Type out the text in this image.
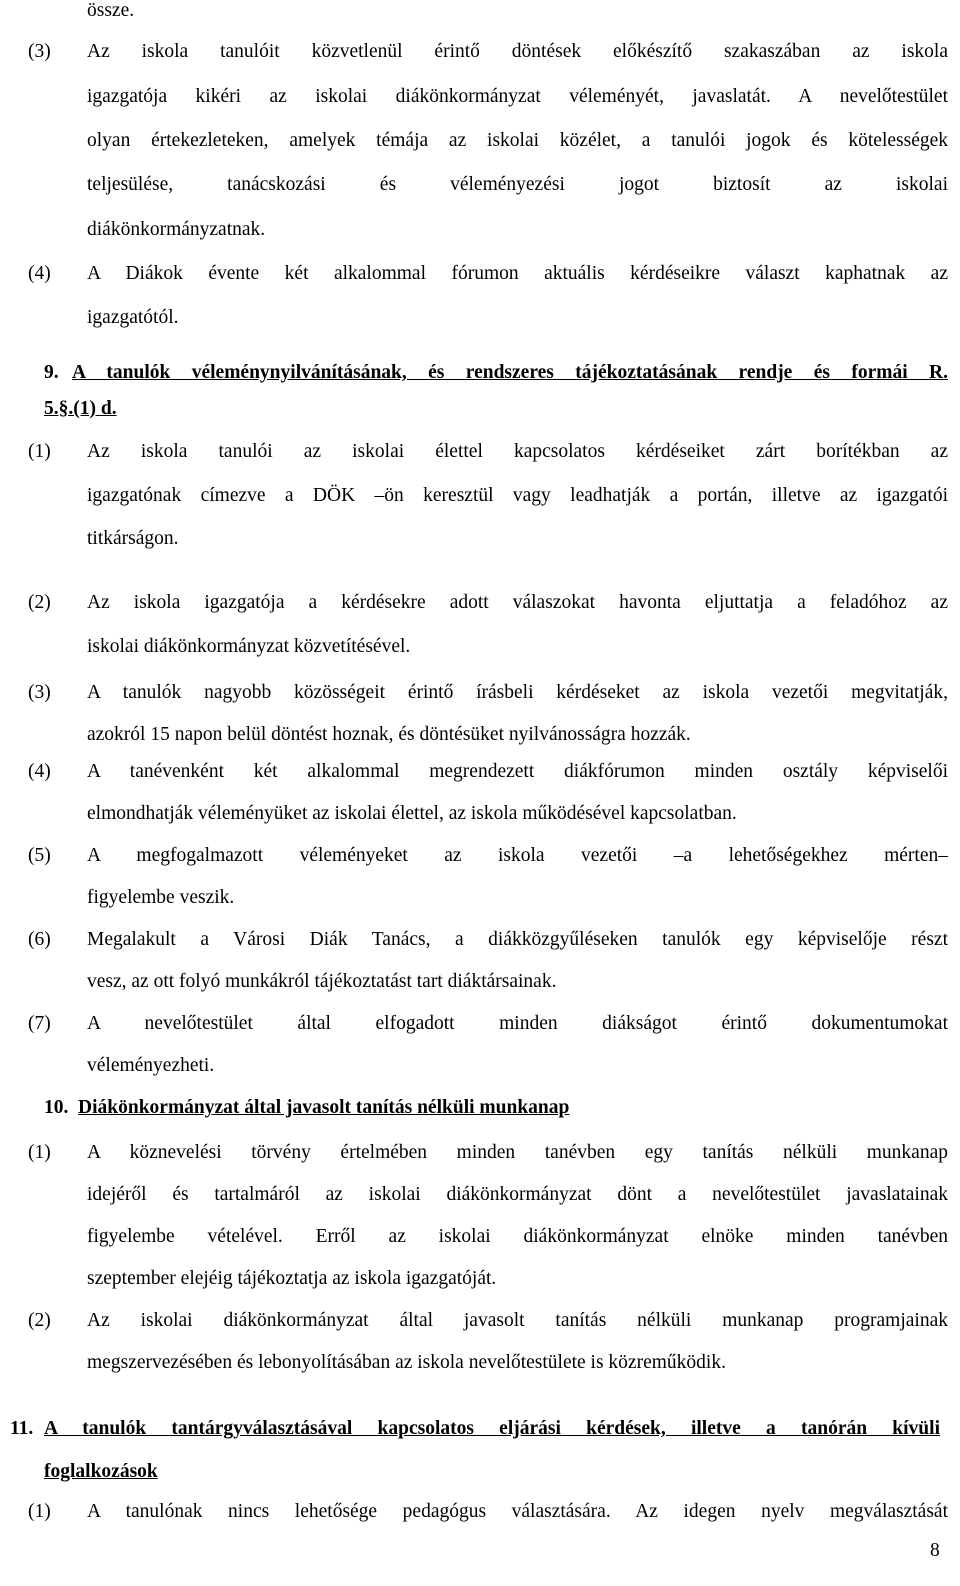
össze.
(3) Az iskola tanulóit közvetlenül érintő döntések előkészítő szakaszában az iskola
igazgatója kikéri az iskolai diákönkormányzat véleményét, javaslatát. A nevelőtestület
olyan értekezleteken, amelyek témája az iskolai közélet, a tanulói jogok és kötelességek
teljesülése, tanácskozási és véleményezési jogot biztosít az iskolai
diákönkormányzatnak.
(4) A Diákok évente két alkalommal fórumon aktuális kérdéseikre választ kaphatnak az
igazgatótól.
9. A tanulók véleménynyilvánításának, és rendszeres tájékoztatásának rendje és formái R.
5.§.(1) d.
(1) Az iskola tanulói az iskolai élettel kapcsolatos kérdéseiket zárt borítékban az
igazgatónak címezve a DÖK –ön keresztül vagy leadhatják a portán, illetve az igazgatói
titkárságon.
(2) Az iskola igazgatója a kérdésekre adott válaszokat havonta eljuttatja a feladóhoz az
iskolai diákönkormányzat közvetítésével.
(3) A tanulók nagyobb közösségeit érintő írásbeli kérdéseket az iskola vezetői megvitatják,
azokról 15 napon belül döntést hoznak, és döntésüket nyilvánosságra hozzák.
(4) A tanévenként két alkalommal megrendezett diákfórumon minden osztály képviselői
elmondhatják véleményüket az iskolai élettel, az iskola működésével kapcsolatban.
(5) A megfogalmazott véleményeket az iskola vezetői –a lehetőségekhez mérten–
figyelembe veszik.
(6) Megalakult a Városi Diák Tanács, a diákközgyűléseken tanulók egy képviselője részt
vesz, az ott folyó munkákról tájékoztatást tart diáktársainak.
(7) A nevelőtestület által elfogadott minden diákságot érintő dokumentumokat
véleményezheti.
10. Diákönkormányzat által javasolt tanítás nélküli munkanap
(1) A köznevelési törvény értelmében minden tanévben egy tanítás nélküli munkanap
idejéről és tartalmáról az iskolai diákönkormányzat dönt a nevelőtestület javaslatainak
figyelembe vételével. Erről az iskolai diákönkormányzat elnöke minden tanévben
szeptember elejéig tájékoztatja az iskola igazgatóját.
(2) Az iskolai diákönkormányzat által javasolt tanítás nélküli munkanap programjainak
megszervezésében és lebonyolításában az iskola nevelőtestülete is közreműködik.
11. A tanulók tantárgyválasztásával kapcsolatos eljárási kérdések, illetve a tanórán kívüli
foglalkozások
(1) A tanulónak nincs lehetősége pedagógus választására. Az idegen nyelv megválasztását
8
